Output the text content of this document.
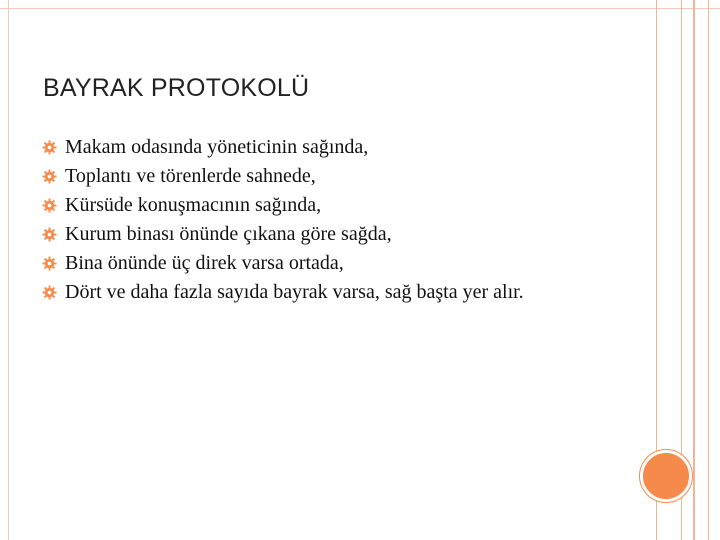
BAYRAK PROTOKOLÜ
Makam odasında yöneticinin sağında,
Toplantı ve törenlerde sahnede,
Kürsüde konuşmacının sağında,
Kurum binası önünde çıkana göre sağda,
Bina önünde üç direk varsa ortada,
Dört ve daha fazla sayıda bayrak varsa, sağ başta yer alır.
